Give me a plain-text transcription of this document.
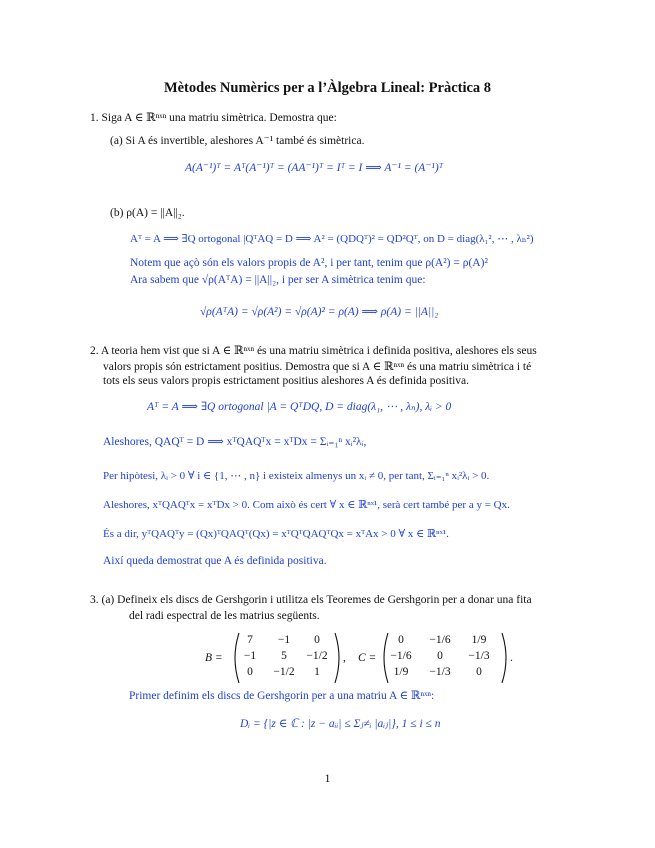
Mètodes Numèrics per a l’Àlgebra Lineal: Pràctica 8
1. Siga A ∈ ℝⁿˣⁿ una matriu simètrica. Demostra que:
(a) Si A és invertible, aleshores A⁻¹ també és simètrica.
A(A⁻¹)ᵀ = Aᵀ(A⁻¹)ᵀ = (AA⁻¹)ᵀ = Iᵀ = I ⟹ A⁻¹ = (A⁻¹)ᵀ
(b) ρ(A) = ||A||₂.
Aᵀ = A ⟹ ∃Q ortogonal |QᵀAQ = D ⟹ A² = (QDQᵀ)² = QD²Qᵀ, on D = diag(λ₁², ⋯ , λₙ²)
Notem que açò són els valors propis de A², i per tant, tenim que ρ(A²) = ρ(A)²
Ara sabem que √ρ(AᵀA) = ||A||₂, i per ser A simètrica tenim que:
√ρ(AᵀA) = √ρ(A²) = √ρ(A)² = ρ(A) ⟹ ρ(A) = ||A||₂
2. A teoria hem vist que si A ∈ ℝⁿˣⁿ és una matriu simètrica i definida positiva, aleshores els seus
valors propis són estrictament positius. Demostra que si A ∈ ℝⁿˣⁿ és una matriu simètrica i té
tots els seus valors propis estrictament positius aleshores A és definida positiva.
Aᵀ = A ⟹ ∃Q ortogonal |A = QᵀDQ, D = diag(λ₁, ⋯ , λₙ), λᵢ > 0
Aleshores, QAQᵀ = D ⟹ xᵀQAQᵀx = xᵀDx = Σᵢ₌₁ⁿ xᵢ²λᵢ,
Per hipòtesi, λᵢ > 0 ∀ i ∈ {1, ⋯ , n} i existeix almenys un xᵢ ≠ 0, per tant, Σᵢ₌₁ⁿ xᵢ²λᵢ > 0.
Aleshores, xᵀQAQᵀx = xᵀDx > 0. Com això és cert ∀ x ∈ ℝⁿˣ¹, serà cert també per a y = Qx.
És a dir, yᵀQAQᵀy = (Qx)ᵀQAQᵀ(Qx) = xᵀQᵀQAQᵀQx = xᵀAx > 0 ∀ x ∈ ℝⁿˣ¹.
Així queda demostrat que A és definida positiva.
3. (a) Defineix els discs de Gershgorin i utilitza els Teoremes de Gershgorin per a donar una fita
del radi espectral de les matrius següents.
B =
7	−1	0
−1	5	−1/2
0	−1/2	1
, C =
0	−1/6	1/9
−1/6	0	−1/3
1/9	−1/3	0
.
Primer definim els discs de Gershgorin per a una matriu A ∈ ℝⁿˣⁿ:
Dᵢ = {|z ∈ ℂ : |z − aᵢᵢ| ≤ Σⱼ≠ᵢ |aᵢⱼ|}, 1 ≤ i ≤ n
1
